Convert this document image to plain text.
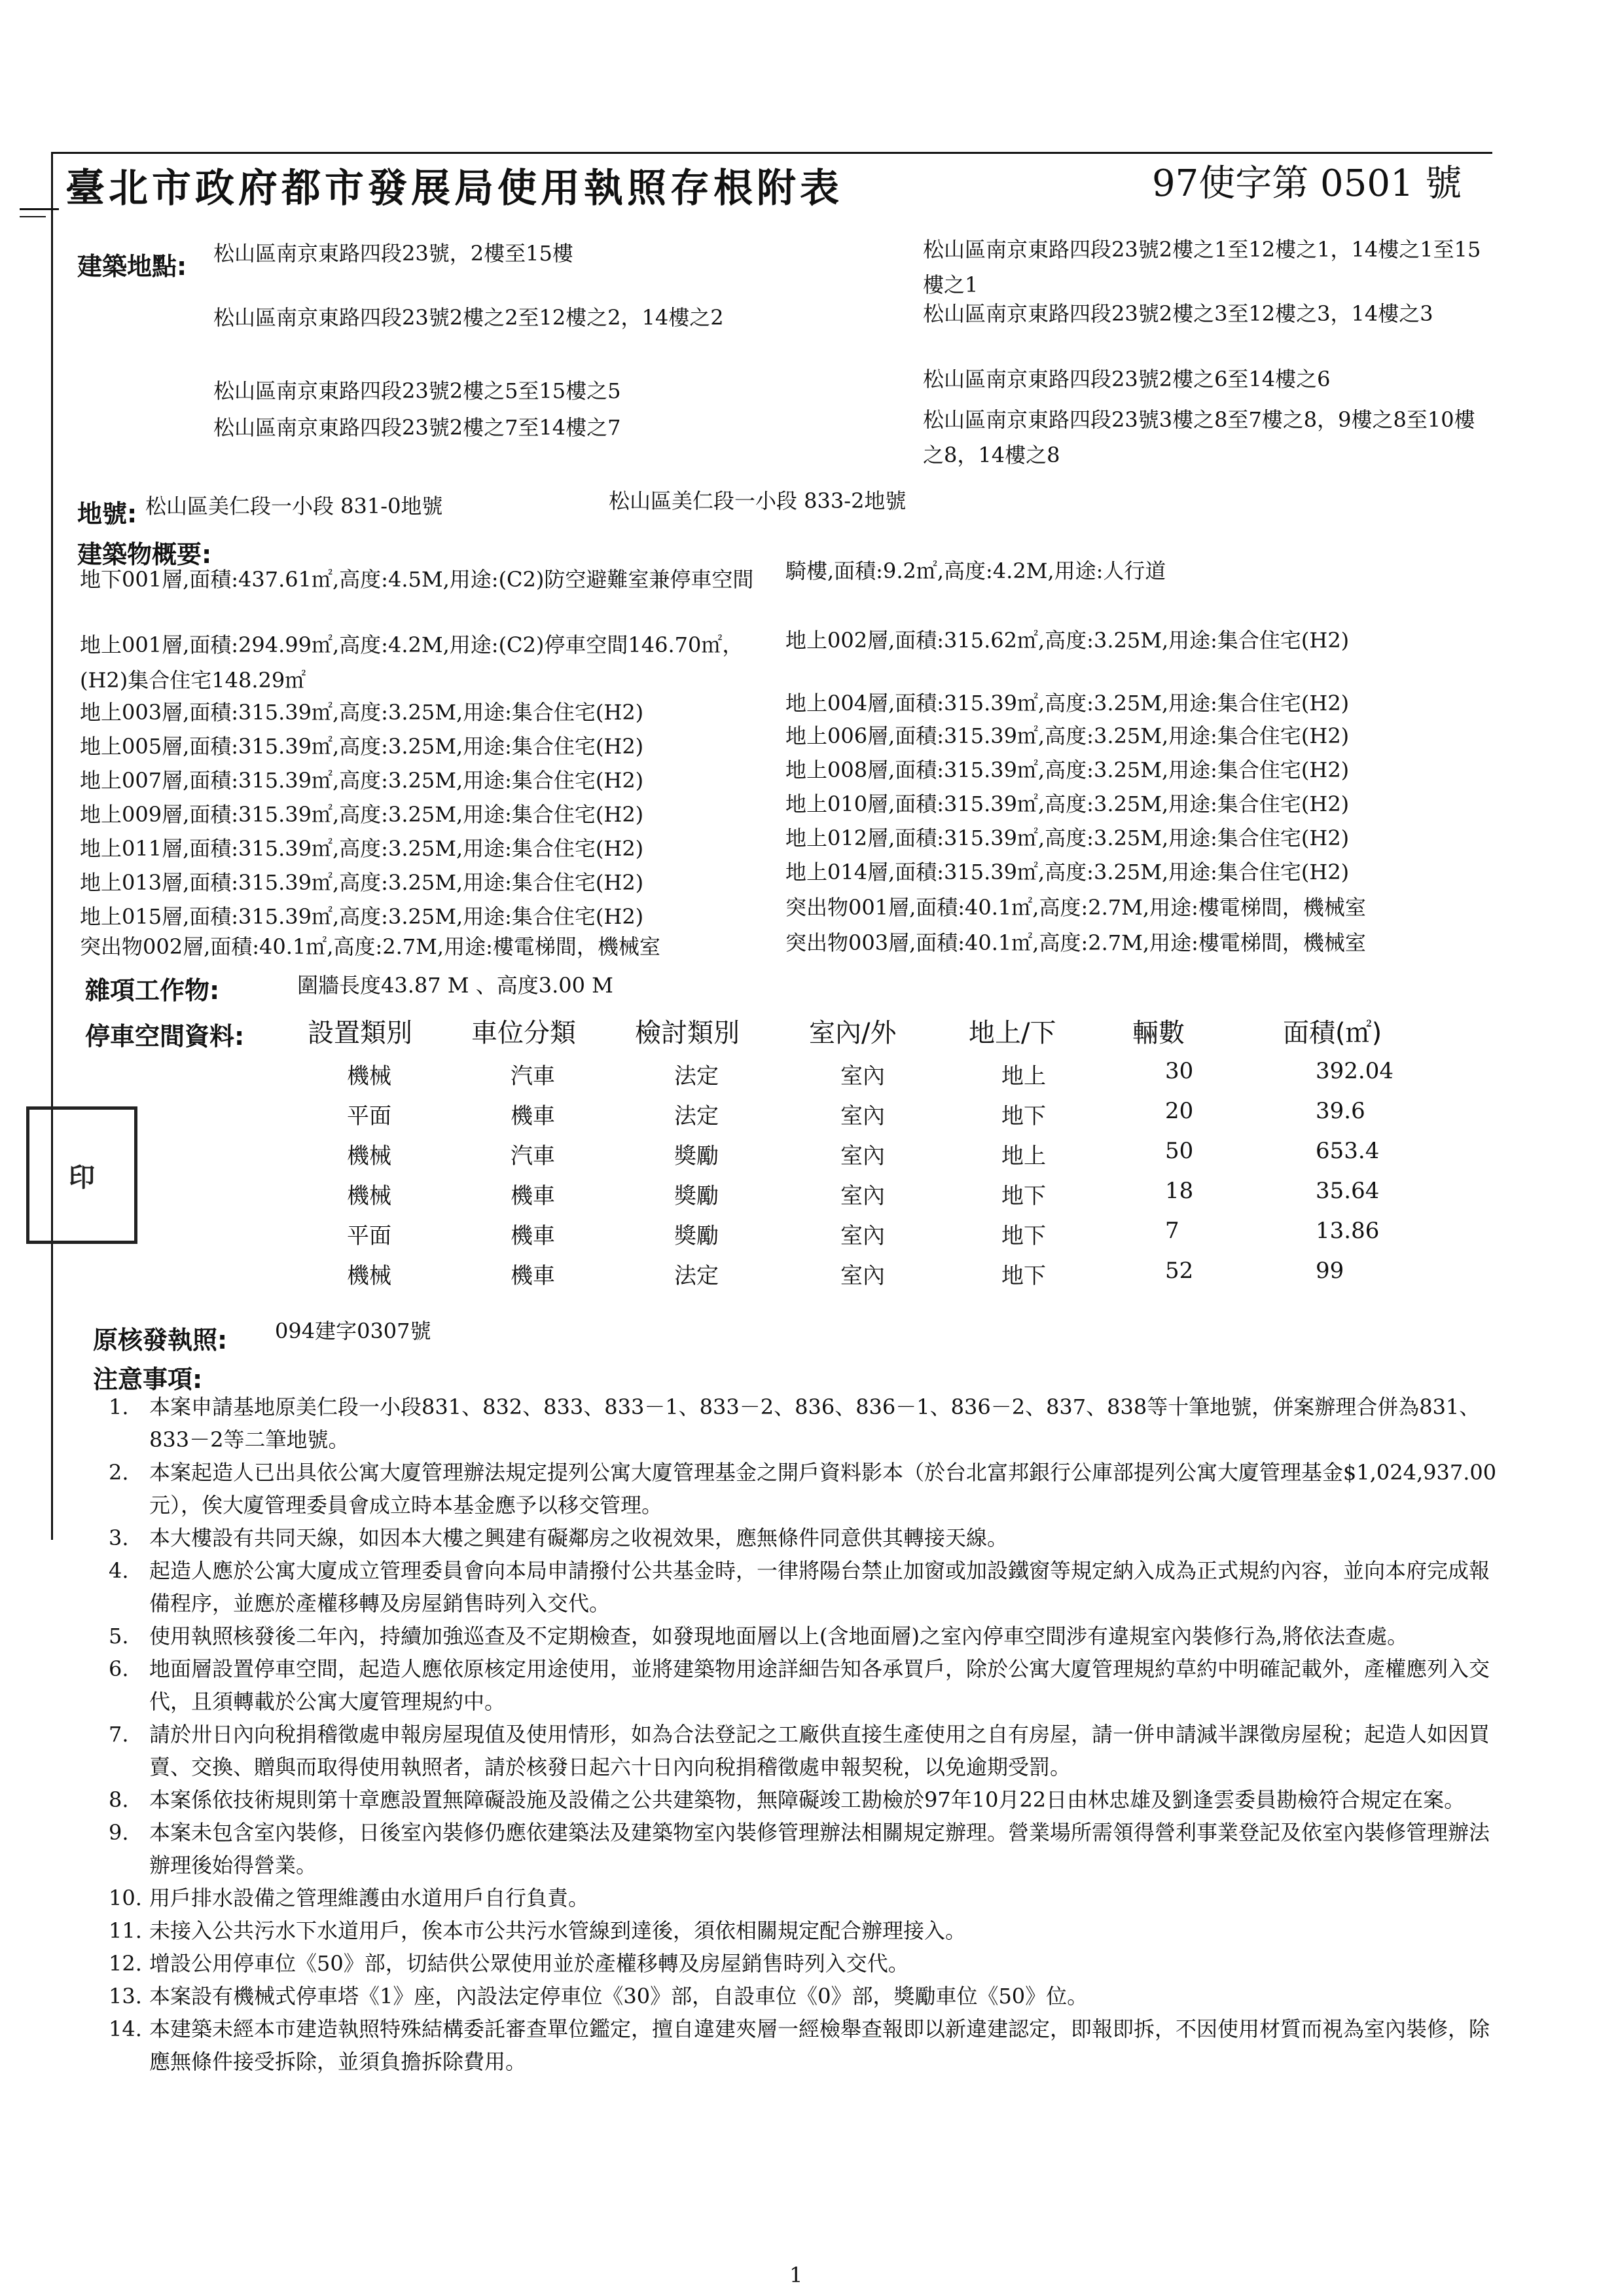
印
臺北市政府都市發展局使用執照存根附表	97使字第 0501 號
建築地點: 松山區南京東路四段23號，2樓至15樓
松山區南京東路四段23號2樓之2至12樓之2，14樓之2
松山區南京東路四段23號2樓之5至15樓之5
松山區南京東路四段23號2樓之7至14樓之7
松山區南京東路四段23號2樓之1至12樓之1，14樓之1至15樓之1
松山區南京東路四段23號2樓之3至12樓之3，14樓之3
松山區南京東路四段23號2樓之6至14樓之6
松山區南京東路四段23號3樓之8至7樓之8，9樓之8至10樓之8，14樓之8
地號: 松山區美仁段一小段 831-0地號	松山區美仁段一小段 833-2地號
建築物概要:
地下001層,面積:437.61㎡,高度:4.5M,用途:(C2)防空避難室兼停車空間
地上001層,面積:294.99㎡,高度:4.2M,用途:(C2)停車空間146.70㎡，(H2)集合住宅148.29㎡
地上003層,面積:315.39㎡,高度:3.25M,用途:集合住宅(H2)
地上005層,面積:315.39㎡,高度:3.25M,用途:集合住宅(H2)
地上007層,面積:315.39㎡,高度:3.25M,用途:集合住宅(H2)
地上009層,面積:315.39㎡,高度:3.25M,用途:集合住宅(H2)
地上011層,面積:315.39㎡,高度:3.25M,用途:集合住宅(H2)
地上013層,面積:315.39㎡,高度:3.25M,用途:集合住宅(H2)
地上015層,面積:315.39㎡,高度:3.25M,用途:集合住宅(H2)
突出物002層,面積:40.1㎡,高度:2.7M,用途:樓電梯間，機械室
騎樓,面積:9.2㎡,高度:4.2M,用途:人行道
地上002層,面積:315.62㎡,高度:3.25M,用途:集合住宅(H2)
地上004層,面積:315.39㎡,高度:3.25M,用途:集合住宅(H2)
地上006層,面積:315.39㎡,高度:3.25M,用途:集合住宅(H2)
地上008層,面積:315.39㎡,高度:3.25M,用途:集合住宅(H2)
地上010層,面積:315.39㎡,高度:3.25M,用途:集合住宅(H2)
地上012層,面積:315.39㎡,高度:3.25M,用途:集合住宅(H2)
地上014層,面積:315.39㎡,高度:3.25M,用途:集合住宅(H2)
突出物001層,面積:40.1㎡,高度:2.7M,用途:樓電梯間，機械室
突出物003層,面積:40.1㎡,高度:2.7M,用途:樓電梯間，機械室
雜項工作物:	圍牆長度43.87 M 、高度3.00 M
停車空間資料: 設置類別 車位分類 檢討類別	室內/外	地上/下	輛數	面積(㎡)
機械	汽車	法定	室內	地上	30	392.04
平面	機車	法定	室內	地下	20	39.6
機械	汽車	獎勵	室內	地上	50	653.4
機械	機車	獎勵	室內	地下	18	35.64
平面	機車	獎勵	室內	地下	7	13.86
機械	機車	法定	室內	地下	52	99
原核發執照: 094建字0307號
注意事項:
1. 本案申請基地原美仁段一小段831、832、833、833－1、833－2、836、836－1、836－2、837、838等十筆地號，併案辦理合併為831、833－2等二筆地號。
2. 本案起造人已出具依公寓大廈管理辦法規定提列公寓大廈管理基金之開戶資料影本（於台北富邦銀行公庫部提列公寓大廈管理基金$1,024,937.00元），俟大廈管理委員會成立時本基金應予以移交管理。
3. 本大樓設有共同天線，如因本大樓之興建有礙鄰房之收視效果，應無條件同意供其轉接天線。
4. 起造人應於公寓大廈成立管理委員會向本局申請撥付公共基金時，一律將陽台禁止加窗或加設鐵窗等規定納入成為正式規約內容，並向本府完成報備程序，並應於產權移轉及房屋銷售時列入交代。
5. 使用執照核發後二年內，持續加強巡查及不定期檢查，如發現地面層以上(含地面層)之室內停車空間涉有違規室內裝修行為,將依法查處。
6. 地面層設置停車空間，起造人應依原核定用途使用，並將建築物用途詳細告知各承買戶，除於公寓大廈管理規約草約中明確記載外，產權應列入交代，且須轉載於公寓大廈管理規約中。
7. 請於卅日內向稅捐稽徵處申報房屋現值及使用情形，如為合法登記之工廠供直接生產使用之自有房屋，請一併申請減半課徵房屋稅；起造人如因買賣、交換、贈與而取得使用執照者，請於核發日起六十日內向稅捐稽徵處申報契稅，以免逾期受罰。
8. 本案係依技術規則第十章應設置無障礙設施及設備之公共建築物，無障礙竣工勘檢於97年10月22日由林忠雄及劉逢雲委員勘檢符合規定在案。
9. 本案未包含室內裝修，日後室內裝修仍應依建築法及建築物室內裝修管理辦法相關規定辦理。營業場所需領得營利事業登記及依室內裝修管理辦法辦理後始得營業。
10. 用戶排水設備之管理維護由水道用戶自行負責。
11. 未接入公共污水下水道用戶，俟本市公共污水管線到達後，須依相關規定配合辦理接入。
12. 增設公用停車位《50》部，切結供公眾使用並於產權移轉及房屋銷售時列入交代。
13. 本案設有機械式停車塔《1》座，內設法定停車位《30》部，自設車位《0》部，獎勵車位《50》位。
14. 本建築未經本市建造執照特殊結構委託審查單位鑑定，擅自違建夾層一經檢舉查報即以新違建認定，即報即拆，不因使用材質而視為室內裝修，除應無條件接受拆除，並須負擔拆除費用。
1
